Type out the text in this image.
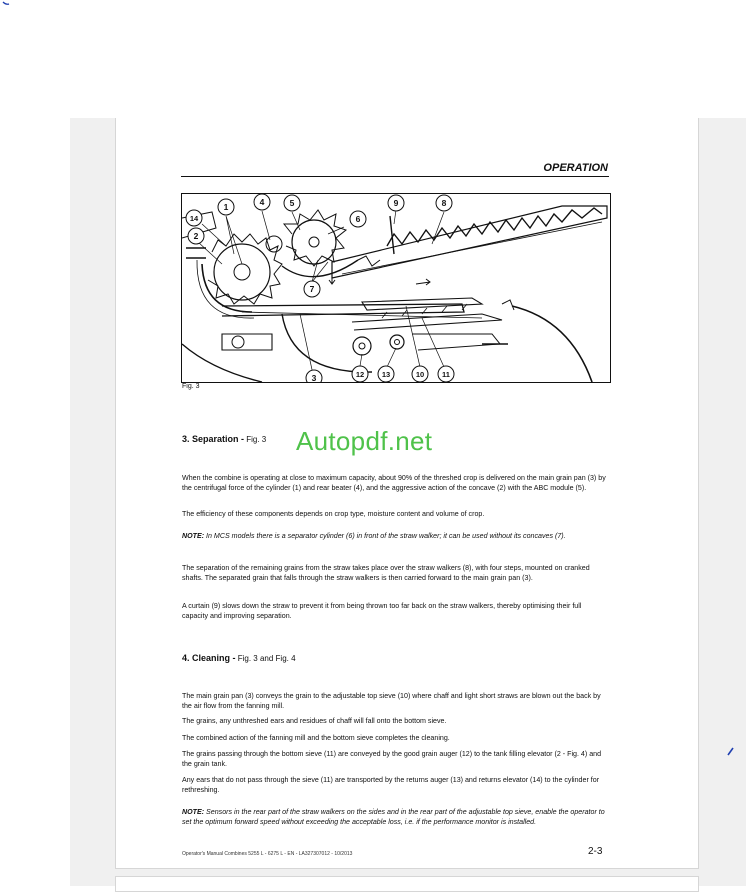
OPERATION
1
2
3
4	5
6
7
8
9
10 11
12 13
14
Fig. 3
3. Separation - Fig. 3

When the combine is operating at close to maximum capacity, about 90% of the threshed crop is delivered on the main grain pan (3) by the centrifugal force of the cylinder (1) and rear beater (4), and the aggressive action of the concave (2) with the ABC module (5).

The efficiency of these components depends on crop type, moisture content and volume of crop.

NOTE: In MCS models there is a separator cylinder (6) in front of the straw walker; it can be used without its concaves (7).

The separation of the remaining grains from the straw takes place over the straw walkers (8), with four steps, mounted on cranked shafts. The separated grain that falls through the straw walkers is then carried forward to the main grain pan (3).

A curtain (9) slows down the straw to prevent it from being thrown too far back on the straw walkers, thereby optimising their full capacity and improving separation.

4. Cleaning - Fig. 3 and Fig. 4

The main grain pan (3) conveys the grain to the adjustable top sieve (10) where chaff and light short straws are blown out the back by the air flow from the fanning mill.

The grains, any unthreshed ears and residues of chaff will fall onto the bottom sieve.

The combined action of the fanning mill and the bottom sieve completes the cleaning.

The grains passing through the bottom sieve (11) are conveyed by the good grain auger (12) to the tank filling elevator (2 - Fig. 4) and the grain tank.

Any ears that do not pass through the sieve (11) are transported by the returns auger (13) and returns elevator (14) to the cylinder for rethreshing.

NOTE: Sensors in the rear part of the straw walkers on the sides and in the rear part of the adjustable top sieve, enable the operator to set the optimum forward speed without exceeding the acceptable loss, i.e. if the performance monitor is installed.

Autopdf.net
Operator's Manual Combines 5255 L - 6275 L - EN - LA327307012 - 10/2013	2-3
